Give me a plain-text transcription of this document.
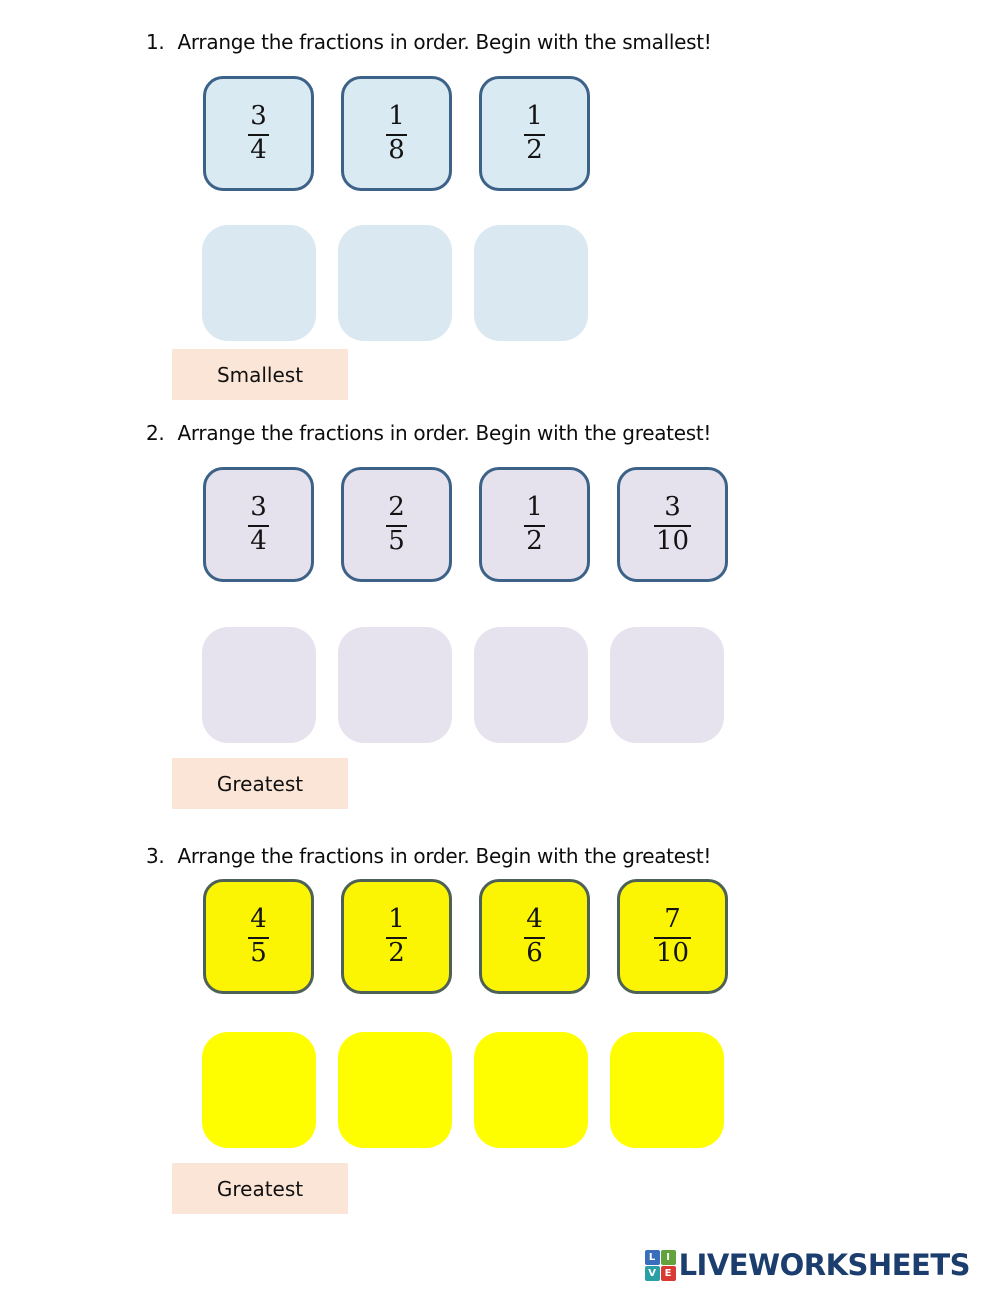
1. Arrange the fractions in order. Begin with the smallest!
$\frac{3}{4}$	$\frac{1}{8}$	$\frac{1}{2}$
Smallest
2. Arrange the fractions in order. Begin with the greatest!
$\frac{3}{4}$	$\frac{2}{5}$	$\frac{1}{2}$	$\frac{3}{10}$
Greatest
3. Arrange the fractions in order. Begin with the greatest!
$\frac{4}{5}$	$\frac{1}{2}$	$\frac{4}{6}$	$\frac{7}{10}$
Greatest
L	I
V E LIVEWORKSHEETS
